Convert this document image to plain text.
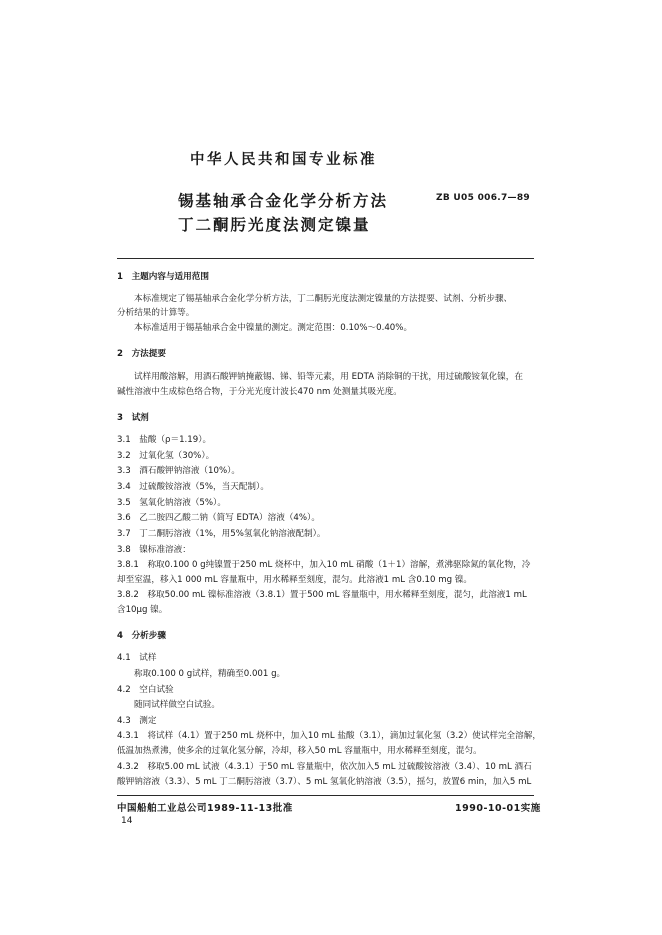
中华人民共和国专业标准
锡基轴承合金化学分析方法
丁二酮肟光度法测定镍量
ZB U05 006.7—89
1　主题内容与适用范围
本标准规定了锡基轴承合金化学分析方法，丁二酮肟光度法测定镍量的方法提要、试剂、分析步骤、
分析结果的计算等。
本标准适用于锡基轴承合金中镍量的测定。测定范围：0.10%～0.40%。
2　方法提要
试样用酸溶解，用酒石酸钾钠掩蔽锡、锑、铅等元素，用 EDTA 消除铜的干扰，用过硫酸铵氧化镍，在
碱性溶液中生成棕色络合物，于分光光度计波长470 nm 处测量其吸光度。
3　试剂
3.1　盐酸（ρ＝1.19）。
3.2　过氧化氢（30%）。
3.3　酒石酸钾钠溶液（10%）。
3.4　过硫酸铵溶液（5%，当天配制）。
3.5　氢氧化钠溶液（5%）。
3.6　乙二胺四乙酸二钠（简写 EDTA）溶液（4%）。
3.7　丁二酮肟溶液（1%，用5%氢氧化钠溶液配制）。
3.8　镍标准溶液：
3.8.1　称取0.100 0 g纯镍置于250 mL 烧杯中，加入10 mL 硝酸（1＋1）溶解，煮沸驱除氮的氧化物，冷
却至室温，移入1 000 mL 容量瓶中，用水稀释至刻度，混匀。此溶液1 mL 含0.10 mg 镍。
3.8.2　移取50.00 mL 镍标准溶液（3.8.1）置于500 mL 容量瓶中，用水稀释至刻度，混匀，此溶液1 mL
含10μg 镍。
4　分析步骤
4.1　试样
称取0.100 0 g试样，精确至0.001 g。
4.2　空白试验
随同试样做空白试验。
4.3　测定
4.3.1　将试样（4.1）置于250 mL 烧杯中，加入10 mL 盐酸（3.1），滴加过氧化氢（3.2）使试样完全溶解，
低温加热煮沸，使多余的过氧化氢分解，冷却，移入50 mL 容量瓶中，用水稀释至刻度，混匀。
4.3.2　移取5.00 mL 试液（4.3.1）于50 mL 容量瓶中，依次加入5 mL 过硫酸铵溶液（3.4）、10 mL 酒石
酸钾钠溶液（3.3）、5 mL 丁二酮肟溶液（3.7）、5 mL 氢氧化钠溶液（3.5），摇匀，放置6 min，加入5 mL
中国船舶工业总公司1989-11-13批准	1990-10-01实施
14
